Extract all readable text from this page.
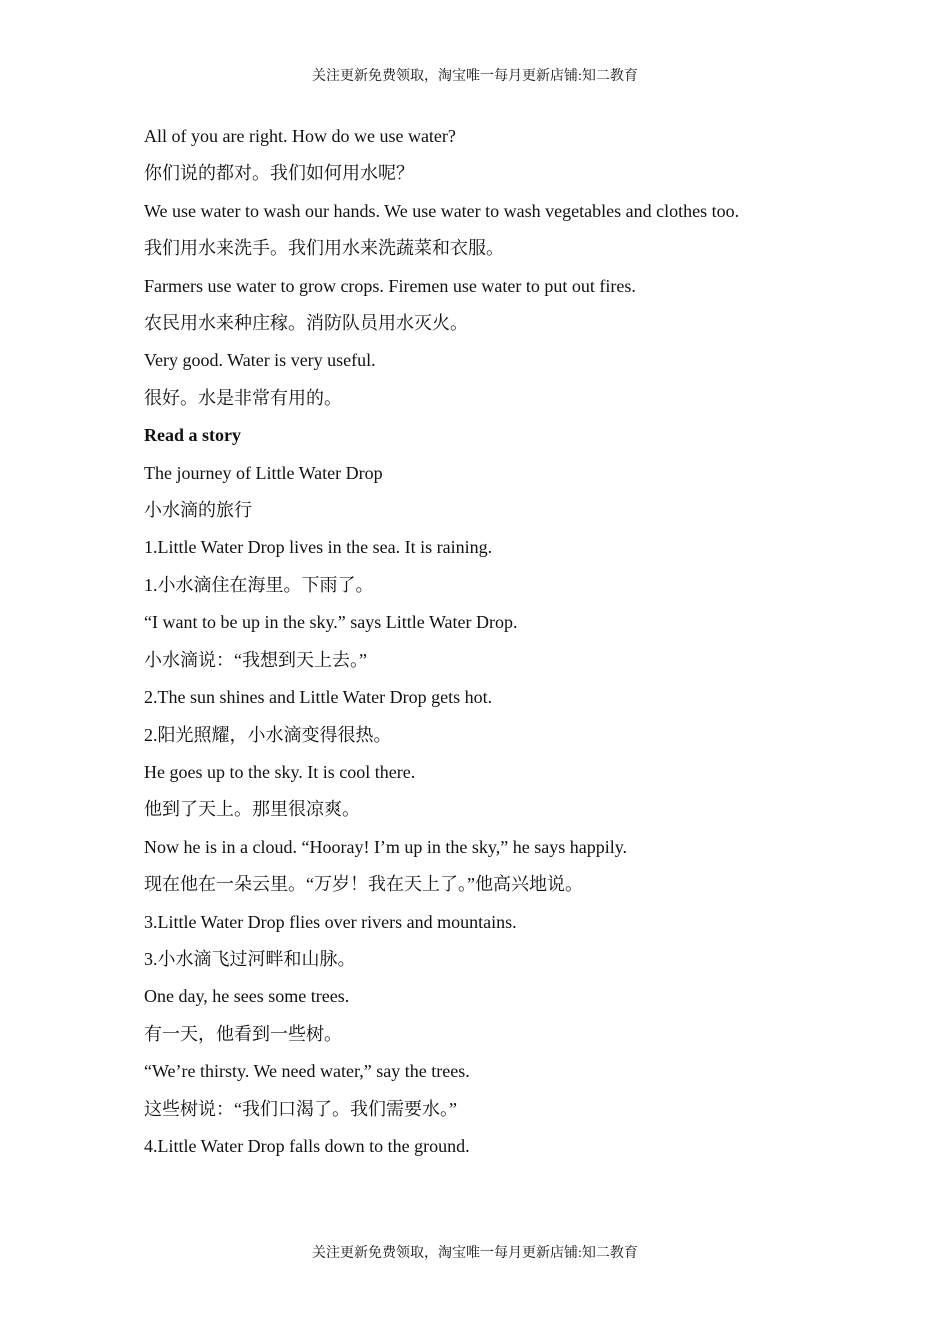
关注更新免费领取，淘宝唯一每月更新店铺:知二教育

All of you are right. How do we use water?

你们说的都对。我们如何用水呢？

We use water to wash our hands. We use water to wash vegetables and clothes too.

我们用水来洗手。我们用水来洗蔬菜和衣服。

Farmers use water to grow crops. Firemen use water to put out fires.

农民用水来种庄稼。消防队员用水灭火。

Very good. Water is very useful.

很好。水是非常有用的。

Read a story

The journey of Little Water Drop

小水滴的旅行

1.Little Water Drop lives in the sea. It is raining.

1.小水滴住在海里。下雨了。

“I want to be up in the sky.” says Little Water Drop.

小水滴说：“我想到天上去。”

2.The sun shines and Little Water Drop gets hot.

2.阳光照耀，小水滴变得很热。

He goes up to the sky. It is cool there.

他到了天上。那里很凉爽。

Now he is in a cloud. “Hooray! I’m up in the sky,” he says happily.

现在他在一朵云里。“万岁！我在天上了。”他高兴地说。

3.Little Water Drop flies over rivers and mountains.

3.小水滴飞过河畔和山脉。

One day, he sees some trees.

有一天，他看到一些树。

“We’re thirsty. We need water,” say the trees.

这些树说：“我们口渴了。我们需要水。”

4.Little Water Drop falls down to the ground.

关注更新免费领取，淘宝唯一每月更新店铺:知二教育
